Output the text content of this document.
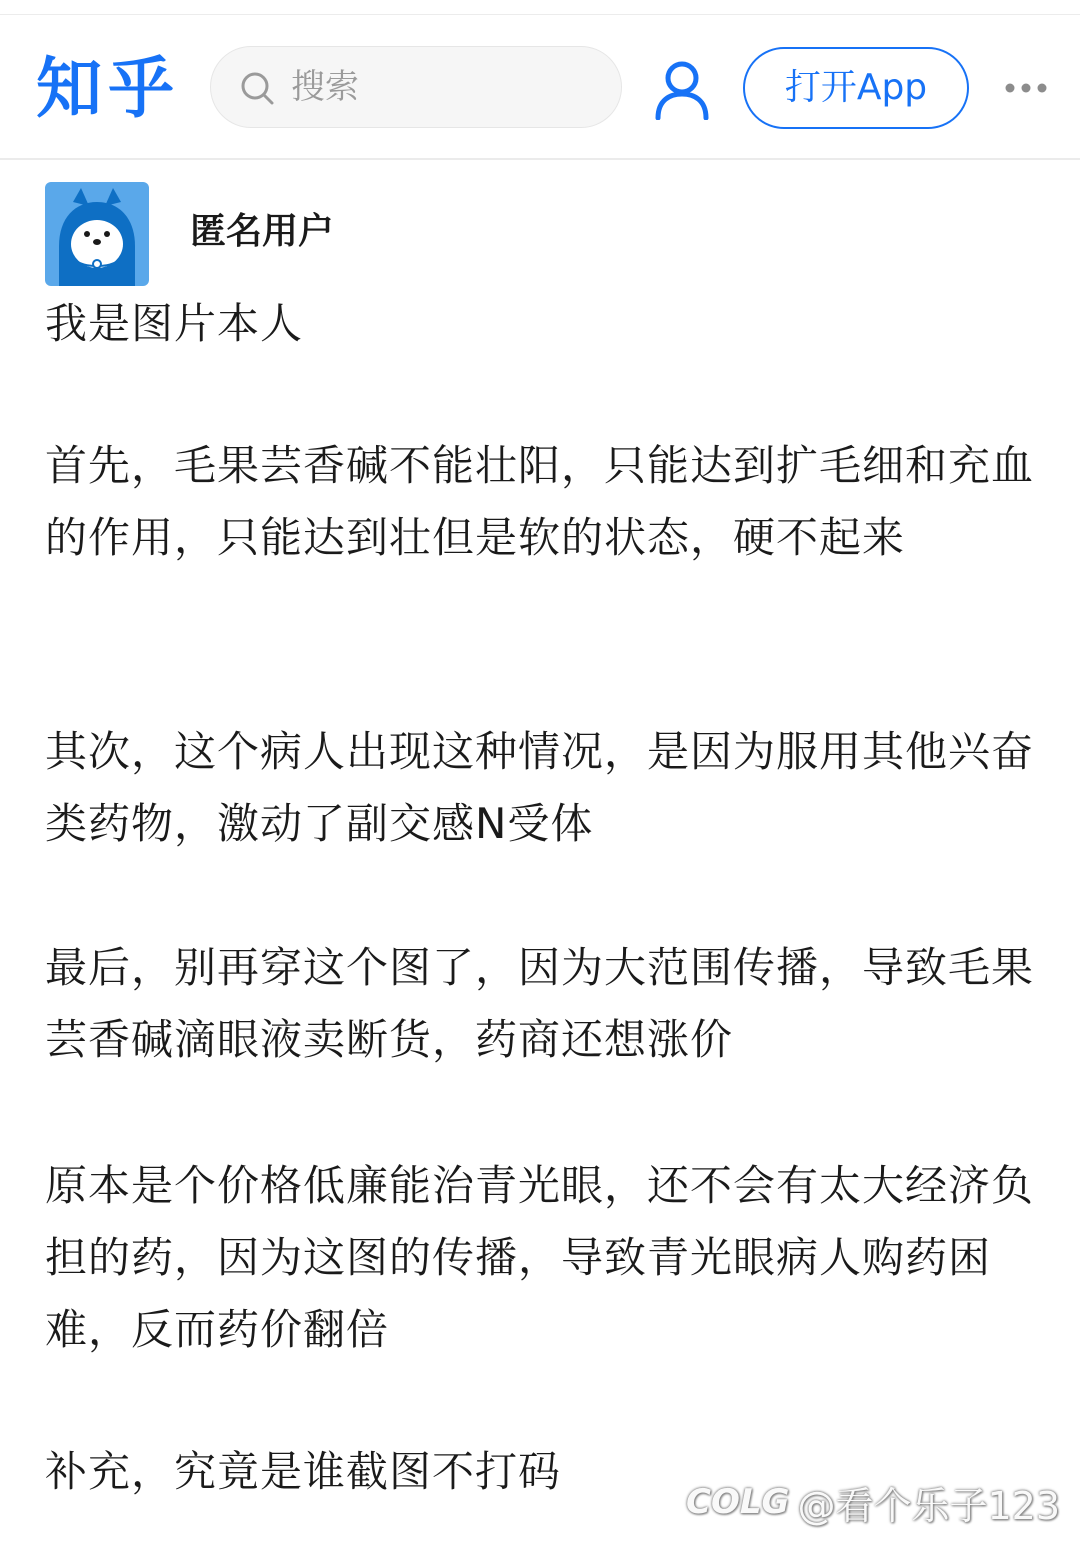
知乎	搜索	打开App
匿名用户

我是图片本人

首先，毛果芸香碱不能壮阳，只能达到扩毛细和充血的作用，只能达到壮但是软的状态，硬不起来

其次，这个病人出现这种情况，是因为服用其他兴奋类药物，激动了副交感N受体

最后，别再穿这个图了，因为大范围传播，导致毛果芸香碱滴眼液卖断货，药商还想涨价

原本是个价格低廉能治青光眼，还不会有太大经济负担的药，因为这图的传播，导致青光眼病人购药困难，反而药价翻倍

补充，究竟是谁截图不打码

COLG @看个乐子123
